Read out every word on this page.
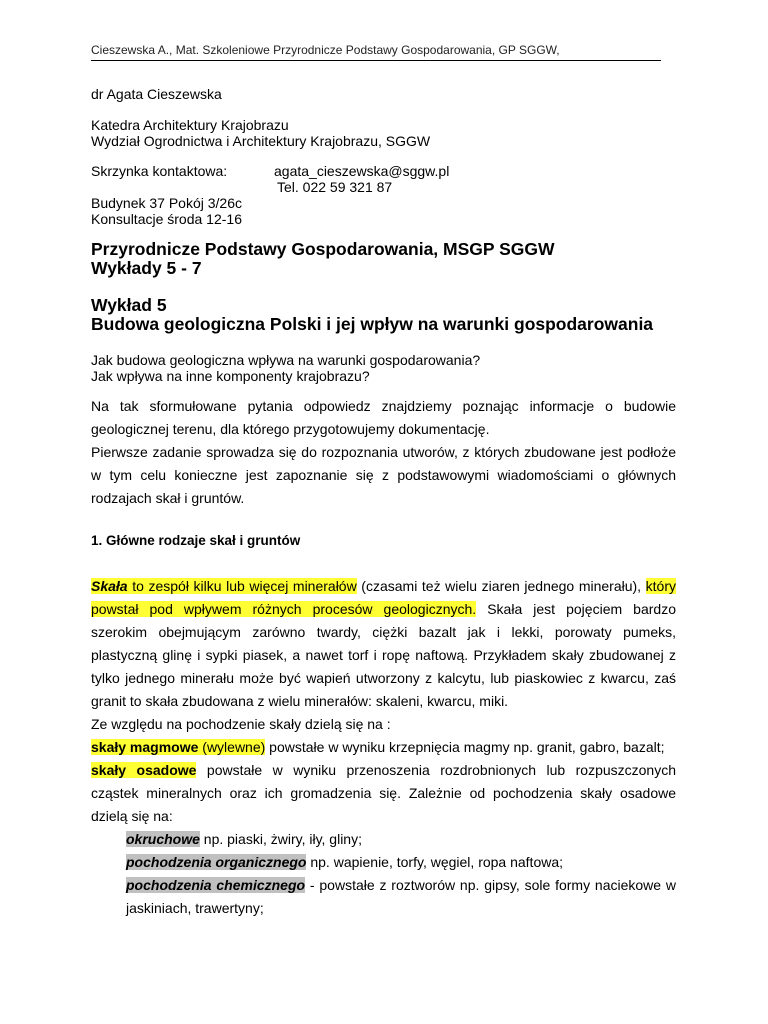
Cieszewska A., Mat. Szkoleniowe Przyrodnicze Podstawy Gospodarowania, GP SGGW,
dr Agata Cieszewska
Katedra Architektury Krajobrazu
Wydział Ogrodnictwa i Architektury Krajobrazu, SGGW
Skrzynka kontaktowa:	agata_cieszewska@sggw.pl
Tel. 022 59 321 87
Budynek 37 Pokój 3/26c
Konsultacje środa 12-16
Przyrodnicze Podstawy Gospodarowania, MSGP SGGW
Wykłady 5 - 7
Wykład 5
Budowa geologiczna Polski i jej wpływ na warunki gospodarowania
Jak budowa geologiczna wpływa na warunki gospodarowania?
Jak wpływa na inne komponenty krajobrazu?
Na tak sformułowane pytania odpowiedz znajdziemy poznając informacje o budowie
geologicznej terenu, dla którego przygotowujemy dokumentację.
Pierwsze zadanie sprowadza się do rozpoznania utworów, z których zbudowane jest podłoże
w tym celu konieczne jest zapoznanie się z podstawowymi wiadomościami o głównych
rodzajach skał i gruntów.
1. Główne rodzaje skał i gruntów
Skała to zespół kilku lub więcej minerałów (czasami też wielu ziaren jednego minerału), który
powstał pod wpływem różnych procesów geologicznych. Skała jest pojęciem bardzo
szerokim obejmującym zarówno twardy, ciężki bazalt jak i lekki, porowaty pumeks,
plastyczną glinę i sypki piasek, a nawet torf i ropę naftową. Przykładem skały zbudowanej z
tylko jednego minerału może być wapień utworzony z kalcytu, lub piaskowiec z kwarcu, zaś
granit to skała zbudowana z wielu minerałów: skaleni, kwarcu, miki.
Ze względu na pochodzenie skały dzielą się na :
skały magmowe (wylewne) powstałe w wyniku krzepnięcia magmy np. granit, gabro, bazalt;
skały osadowe powstałe w wyniku przenoszenia rozdrobnionych lub rozpuszczonych
cząstek mineralnych oraz ich gromadzenia się. Zależnie od pochodzenia skały osadowe
dzielą się na:
okruchowe np. piaski, żwiry, iły, gliny;
pochodzenia organicznego np. wapienie, torfy, węgiel, ropa naftowa;
pochodzenia chemicznego - powstałe z roztworów np. gipsy, sole formy naciekowe w
jaskiniach, trawertyny;
